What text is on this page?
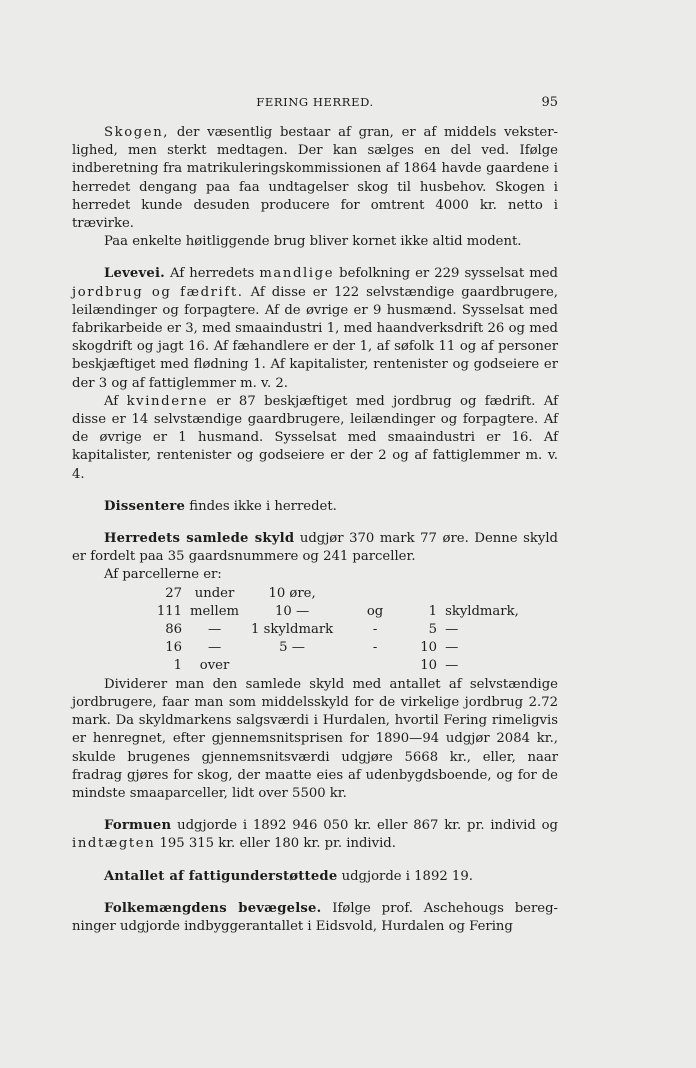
FERING HERRED.	95

Skogen, der væsentlig bestaar af gran, er af middels veksterlighed, men sterkt medtagen. Der kan sælges en del ved. Ifølge indberetning fra matrikuleringskommissionen af 1864 havde gaardene i herredet dengang paa faa undtagelser skog til husbehov. Skogen i herredet kunde desuden producere for omtrent 4000 kr. netto i trævirke.

Paa enkelte høitliggende brug bliver kornet ikke altid modent.

Levevei. Af herredets mandlige befolkning er 229 sysselsat med jordbrug og fædrift. Af disse er 122 selvstændige gaardbrugere, leilændinger og forpagtere. Af de øvrige er 9 husmænd. Sysselsat med fabrikarbeide er 3, med smaaindustri 1, med haandverksdrift 26 og med skogdrift og jagt 16. Af fæhandlere er der 1, af søfolk 11 og af personer beskjæftiget med flødning 1. Af kapitalister, rentenister og godseiere er der 3 og af fattiglemmer m. v. 2.

Af kvinderne er 87 beskjæftiget med jordbrug og fædrift. Af disse er 14 selvstændige gaardbrugere, leilændinger og forpagtere. Af de øvrige er 1 husmand. Sysselsat med smaaindustri er 16. Af kapitalister, rentenister og godseiere er der 2 og af fattiglemmer m. v. 4.

Dissentere findes ikke i herredet.

Herredets samlede skyld udgjør 370 mark 77 øre. Denne skyld er fordelt paa 35 gaardsnummere og 241 parceller.

Af parcellerne er:

27	under	10 øre,			
111	mellem	10 —	og	1	skyldmark,
86	—	1 skyldmark	-	5	—
16	—	5 —	-	10	—
1	over			10	—

Dividerer man den samlede skyld med antallet af selvstændige jordbrugere, faar man som middelsskyld for de virkelige jordbrug 2.72 mark. Da skyldmarkens salgsværdi i Hurdalen, hvortil Fering rimeligvis er henregnet, efter gjennemsnitsprisen for 1890—94 udgjør 2084 kr., skulde brugenes gjennemsnitsværdi udgjøre 5668 kr., eller, naar fradrag gjøres for skog, der maatte eies af udenbygdsboende, og for de mindste smaaparceller, lidt over 5500 kr.

Formuen udgjorde i 1892 946 050 kr. eller 867 kr. pr. individ og indtægten 195 315 kr. eller 180 kr. pr. individ.

Antallet af fattigunderstøttede udgjorde i 1892 19.

Folkemængdens bevægelse. Ifølge prof. Aschehougs beregninger udgjorde indbyggerantallet i Eidsvold, Hurdalen og Fering
